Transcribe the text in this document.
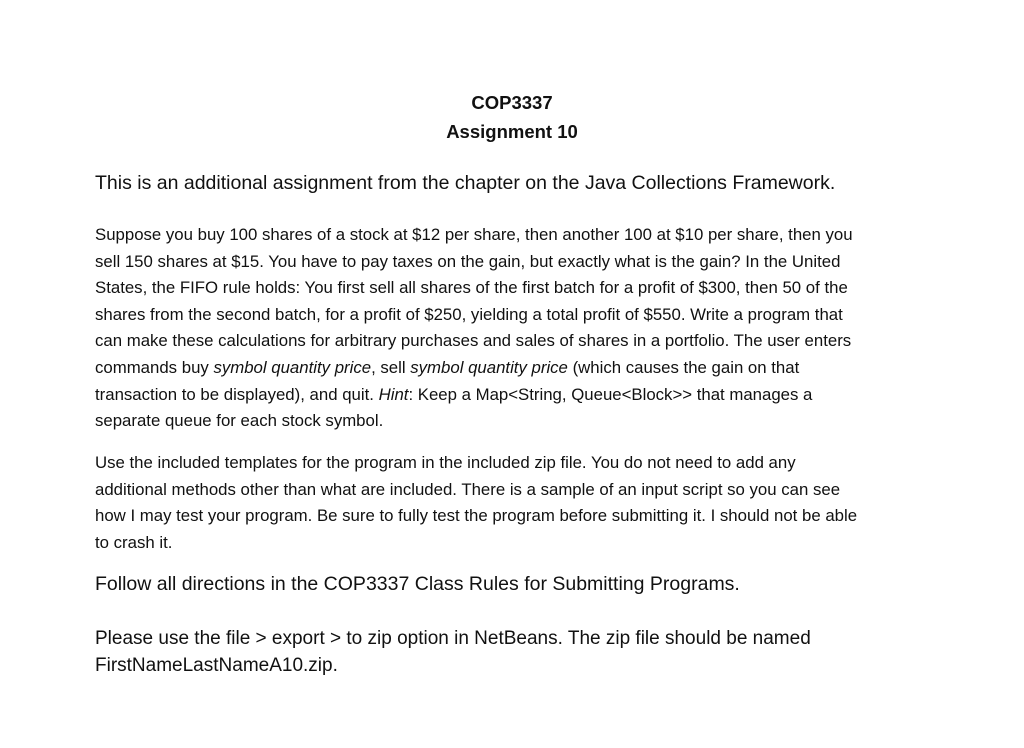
COP3337
Assignment 10
This is an additional assignment from the chapter on the Java Collections Framework.
Suppose you buy 100 shares of a stock at $12 per share, then another 100 at $10 per share, then you
sell 150 shares at $15. You have to pay taxes on the gain, but exactly what is the gain? In the United
States, the FIFO rule holds: You first sell all shares of the first batch for a profit of $300, then 50 of the
shares from the second batch, for a profit of $250, yielding a total profit of $550. Write a program that
can make these calculations for arbitrary purchases and sales of shares in a portfolio. The user enters
commands buy symbol quantity price, sell symbol quantity price (which causes the gain on that
transaction to be displayed), and quit. Hint: Keep a Map<String, Queue<Block>> that manages a
separate queue for each stock symbol.
Use the included templates for the program in the included zip file. You do not need to add any
additional methods other than what are included. There is a sample of an input script so you can see
how I may test your program. Be sure to fully test the program before submitting it. I should not be able
to crash it.
Follow all directions in the COP3337 Class Rules for Submitting Programs.
Please use the file > export > to zip option in NetBeans. The zip file should be named
FirstNameLastNameA10.zip.
